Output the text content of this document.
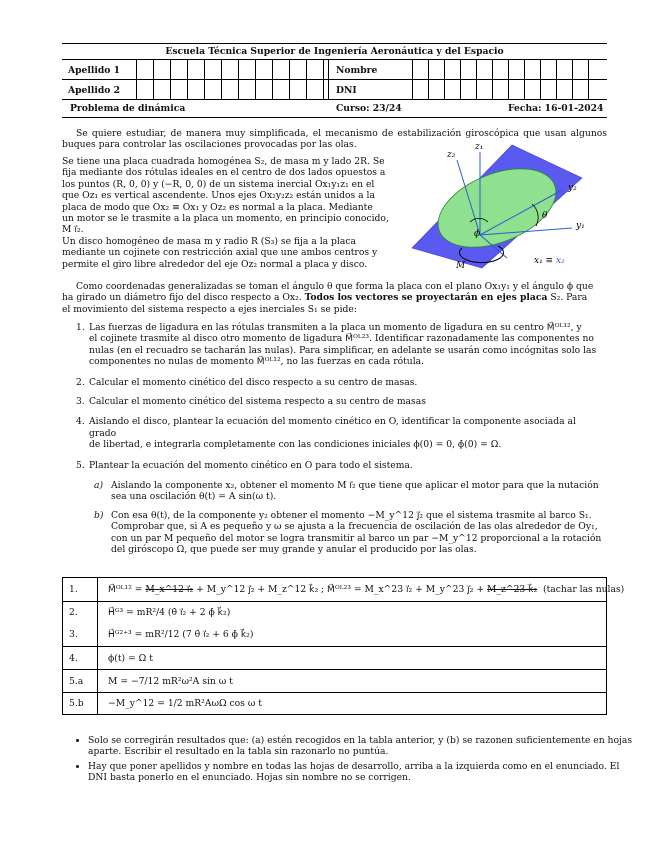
Escuela Técnica Superior de Ingeniería Aeronáutica y del Espacio
Apellido 1
Apellido 2
Nombre
DNI
Problema de dinámica	Curso: 23/24	Fecha: 16-01-2024
Se quiere estudiar, de manera muy simplificada, el mecanismo de estabilización giroscópica que usan algunos buques para controlar las oscilaciones provocadas por las olas.
Se tiene una placa cuadrada homogénea S₂, de masa m y lado 2R. Se
fija mediante dos rótulas ideales en el centro de dos lados opuestos a
los puntos (R, 0, 0) y (−R, 0, 0) de un sistema inercial Ox₁y₁z₁ en el
que Oz₁ es vertical ascendente. Unos ejes Ox₂y₂z₂ están unidos a la
placa de modo que Ox₂ ≡ Ox₁ y Oz₂ es normal a la placa. Mediante
un motor se le trasmite a la placa un momento, en principio conocido,
M i⃗₂.
Un disco homogéneo de masa m y radio R (S₃) se fija a la placa
mediante un cojinete con restricción axial que une ambos centros y
permite el giro libre alrededor del eje Oz₂ normal a placa y disco.
z₂
z₁
y₂
y₁
θ
ϕ
M	x₁ ≡ x₂
Como coordenadas generalizadas se toman el ángulo θ que forma la placa con el plano Ox₁y₁ y el ángulo ϕ que
ha girado un diámetro fijo del disco respecto a Ox₂. Todos los vectores se proyectarán en ejes placa S₂. Para
el movimiento del sistema respecto a ejes inerciales S₁ se pide:
1. Las fuerzas de ligadura en las rótulas transmiten a la placa un momento de ligadura en su centro M⃗ᴼᴸ¹², y
el cojinete trasmite al disco otro momento de ligadura M⃗ᴼᴸ²³. Identificar razonadamente las componentes no
nulas (en el recuadro se tacharán las nulas). Para simplificar, en adelante se usarán como incógnitas solo las
componentes no nulas de momento M⃗ᴼᴸ¹², no las fuerzas en cada rótula.
2. Calcular el momento cinético del disco respecto a su centro de masas.
3. Calcular el momento cinético del sistema respecto a su centro de masas
4. Aislando el disco, plantear la ecuación del momento cinético en O, identificar la componente asociada al grado
de libertad, e integrarla completamente con las condiciones iniciales ϕ(0) = 0, ϕ̇(0) = Ω.
5. Plantear la ecuación del momento cinético en O para todo el sistema.
a) Aislando la componente x₂, obtener el momento M i⃗₂ que tiene que aplicar el motor para que la nutación
sea una oscilación θ(t) = A sin(ω t).
b) Con esa θ(t), de la componente y₂ obtener el momento −M_y^12 j⃗₂ que el sistema trasmite al barco S₁.
Comprobar que, si A es pequeño y ω se ajusta a la frecuencia de oscilación de las olas alrededor de Oy₁,
con un par M pequeño del motor se logra transmitir al barco un par −M_y^12 proporcional a la rotación
del giróscopo Ω, que puede ser muy grande y anular el producido por las olas.
1.	M⃗ᴼᴸ¹² = M_x^12 i⃗₂ + M_y^12 j⃗₂ + M_z^12 k⃗₂ ; M⃗ᴼᴸ²³ = M_x^23 i⃗₂ + M_y^23 j⃗₂ + M_z^23 k⃗₂ (tachar las nulas)
2.	H⃗ᴳ³ = mR²/4 (θ̇ i⃗₂ + 2 ϕ̇ k⃗₂)
3.	H⃗ᴳ²⁺³ = mR²/12 (7 θ̇ i⃗₂ + 6 ϕ̇ k⃗₂)
4.	ϕ(t) = Ω t
5.a	M = −7/12 mR²ω²A sin ω t
5.b	−M_y^12 = 1/2 mR²AωΩ cos ω t
• Solo se corregirán resultados que: (a) estén recogidos en la tabla anterior, y (b) se razonen suficientemente en hojas aparte. Escribir el resultado en la tabla sin razonarlo no puntúa.
• Hay que poner apellidos y nombre en todas las hojas de desarrollo, arriba a la izquierda como en el enunciado. El DNI basta ponerlo en el enunciado. Hojas sin nombre no se corrigen.
